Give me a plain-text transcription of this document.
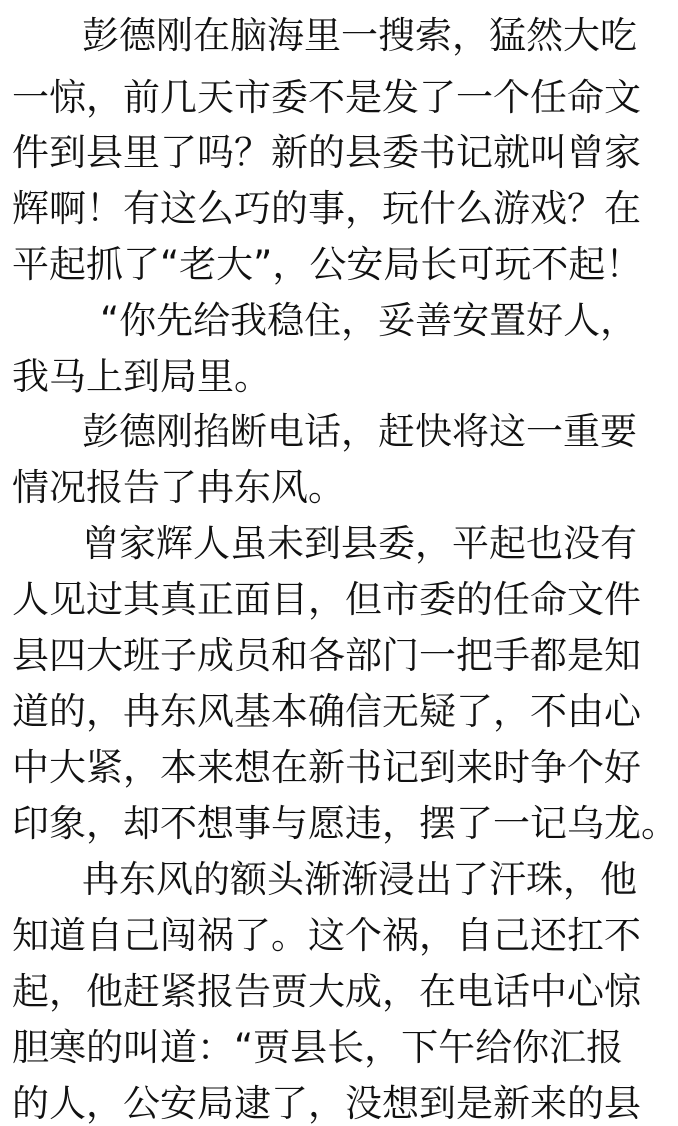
彭德刚在脑海里一搜索，猛然大吃
一惊，前几天市委不是发了一个任命文
件到县里了吗？新的县委书记就叫曾家
辉啊！有这么巧的事，玩什么游戏？在
平起抓了“老大”，公安局长可玩不起！
“你先给我稳住，妥善安置好人，
我马上到局里。
彭德刚掐断电话，赶快将这一重要
情况报告了冉东风。
曾家辉人虽未到县委，平起也没有
人见过其真正面目，但市委的任命文件
县四大班子成员和各部门一把手都是知
道的，冉东风基本确信无疑了，不由心
中大紧，本来想在新书记到来时争个好
印象，却不想事与愿违，摆了一记乌龙。
冉东风的额头渐渐浸出了汗珠，他
知道自己闯祸了。这个祸，自己还扛不
起，他赶紧报告贾大成，在电话中心惊
胆寒的叫道：“贾县长，下午给你汇报
的人，公安局逮了，没想到是新来的县
